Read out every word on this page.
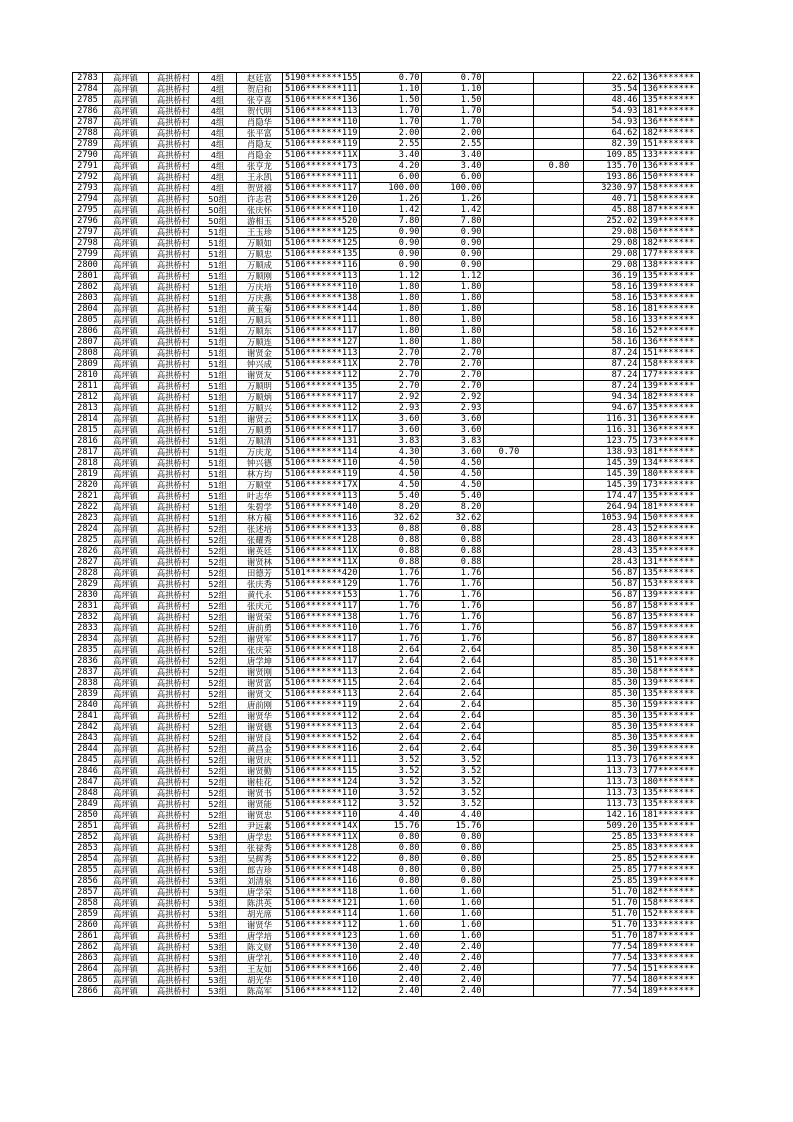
2783	高坪镇	高拱桥村	4组	赵廷富	5190*******155	0.70	0.70			22.62	136*******
2784	高坪镇	高拱桥村	4组	贺启和	5106*******111	1.10	1.10			35.54	136*******
2785	高坪镇	高拱桥村	4组	张亨喜	5106*******136	1.50	1.50			48.46	135*******
2786	高坪镇	高拱桥村	4组	贺代明	5106*******113	1.70	1.70			54.93	181*******
2787	高坪镇	高拱桥村	4组	肖隐华	5106*******110	1.70	1.70			54.93	136*******
2788	高坪镇	高拱桥村	4组	张平富	5106*******119	2.00	2.00			64.62	182*******
2789	高坪镇	高拱桥村	4组	肖隐友	5106*******119	2.55	2.55			82.39	151*******
2790	高坪镇	高拱桥村	4组	肖隐金	5106*******11X	3.40	3.40			109.85	133*******
2791	高坪镇	高拱桥村	4组	张亨龙	5106*******173	4.20	3.40		0.80	135.70	136*******
2792	高坪镇	高拱桥村	4组	王永凯	5106*******111	6.00	6.00			193.86	150*******
2793	高坪镇	高拱桥村	4组	贺贤禧	5106*******117	100.00	100.00			3230.97	158*******
2794	高坪镇	高拱桥村	50组	许志君	5106*******120	1.26	1.26			40.71	158*******
2795	高坪镇	高拱桥村	50组	张庆怀	5106*******110	1.42	1.42			45.88	187*******
2796	高坪镇	高拱桥村	50组	游相玉	5106*******520	7.80	7.80			252.02	139*******
2797	高坪镇	高拱桥村	51组	王玉珍	5106*******125	0.90	0.90			29.08	150*******
2798	高坪镇	高拱桥村	51组	万顺如	5106*******125	0.90	0.90			29.08	182*******
2799	高坪镇	高拱桥村	51组	万顺忠	5106*******135	0.90	0.90			29.08	177*******
2800	高坪镇	高拱桥村	51组	万顺成	5106*******116	0.90	0.90			29.08	138*******
2801	高坪镇	高拱桥村	51组	万顺刚	5106*******113	1.12	1.12			36.19	135*******
2802	高坪镇	高拱桥村	51组	万庆培	5106*******110	1.80	1.80			58.16	139*******
2803	高坪镇	高拱桥村	51组	万庆燕	5106*******138	1.80	1.80			58.16	153*******
2804	高坪镇	高拱桥村	51组	黄玉菊	5106*******144	1.80	1.80			58.16	181*******
2805	高坪镇	高拱桥村	51组	万顺兵	5106*******111	1.80	1.80			58.16	133*******
2806	高坪镇	高拱桥村	51组	万顺东	5106*******117	1.80	1.80			58.16	152*******
2807	高坪镇	高拱桥村	51组	万顺连	5106*******127	1.80	1.80			58.16	136*******
2808	高坪镇	高拱桥村	51组	谢贤金	5106*******113	2.70	2.70			87.24	151*******
2809	高坪镇	高拱桥村	51组	钟兴成	5106*******11X	2.70	2.70			87.24	158*******
2810	高坪镇	高拱桥村	51组	谢贤友	5106*******112	2.70	2.70			87.24	177*******
2811	高坪镇	高拱桥村	51组	万顺明	5106*******135	2.70	2.70			87.24	139*******
2812	高坪镇	高拱桥村	51组	万顺炳	5106*******117	2.92	2.92			94.34	182*******
2813	高坪镇	高拱桥村	51组	万顺兴	5106*******112	2.93	2.93			94.67	135*******
2814	高坪镇	高拱桥村	51组	谢贤云	5106*******11X	3.60	3.60			116.31	136*******
2815	高坪镇	高拱桥村	51组	万顺勇	5106*******117	3.60	3.60			116.31	136*******
2816	高坪镇	高拱桥村	51组	万顺清	5106*******131	3.83	3.83			123.75	173*******
2817	高坪镇	高拱桥村	51组	万庆龙	5106*******114	4.30	3.60	0.70		138.93	181*******
2818	高坪镇	高拱桥村	51组	钟兴德	5106*******110	4.50	4.50			145.39	134*******
2819	高坪镇	高拱桥村	51组	林方均	5106*******119	4.50	4.50			145.39	180*******
2820	高坪镇	高拱桥村	51组	万顺堂	5106*******17X	4.50	4.50			145.39	173*******
2821	高坪镇	高拱桥村	51组	叶志华	5106*******113	5.40	5.40			174.47	135*******
2822	高坪镇	高拱桥村	51组	朱碧学	5106*******140	8.20	8.20			264.94	181*******
2823	高坪镇	高拱桥村	51组	林方模	5106*******116	32.62	32.62			1053.94	150*******
2824	高坪镇	高拱桥村	52组	张述培	5106*******133	0.88	0.88			28.43	152*******
2825	高坪镇	高拱桥村	52组	张耀秀	5106*******128	0.88	0.88			28.43	180*******
2826	高坪镇	高拱桥村	52组	谢英廷	5106*******11X	0.88	0.88			28.43	135*******
2827	高坪镇	高拱桥村	52组	谢贤林	5106*******11X	0.88	0.88			28.43	131*******
2828	高坪镇	高拱桥村	52组	田德芳	5101*******420	1.76	1.76			56.87	135*******
2829	高坪镇	高拱桥村	52组	张庆秀	5106*******129	1.76	1.76			56.87	153*******
2830	高坪镇	高拱桥村	52组	黄代永	5106*******153	1.76	1.76			56.87	139*******
2831	高坪镇	高拱桥村	52组	张庆元	5106*******117	1.76	1.76			56.87	158*******
2832	高坪镇	高拱桥村	52组	谢贤荣	5106*******138	1.76	1.76			56.87	135*******
2833	高坪镇	高拱桥村	52组	唐前勇	5106*******110	1.76	1.76			56.87	159*******
2834	高坪镇	高拱桥村	52组	谢贤军	5106*******117	1.76	1.76			56.87	180*******
2835	高坪镇	高拱桥村	52组	张庆荣	5106*******118	2.64	2.64			85.30	158*******
2836	高坪镇	高拱桥村	52组	唐学坤	5106*******117	2.64	2.64			85.30	151*******
2837	高坪镇	高拱桥村	52组	谢贤刚	5106*******113	2.64	2.64			85.30	158*******
2838	高坪镇	高拱桥村	52组	谢贤富	5106*******115	2.64	2.64			85.30	139*******
2839	高坪镇	高拱桥村	52组	谢贤文	5106*******113	2.64	2.64			85.30	135*******
2840	高坪镇	高拱桥村	52组	唐前刚	5106*******119	2.64	2.64			85.30	159*******
2841	高坪镇	高拱桥村	52组	谢贤华	5106*******112	2.64	2.64			85.30	135*******
2842	高坪镇	高拱桥村	52组	谢贤德	5190*******113	2.64	2.64			85.30	135*******
2843	高坪镇	高拱桥村	52组	谢贤良	5190*******152	2.64	2.64			85.30	135*******
2844	高坪镇	高拱桥村	52组	黄昌金	5190*******116	2.64	2.64			85.30	139*******
2845	高坪镇	高拱桥村	52组	谢贤庆	5106*******111	3.52	3.52			113.73	176*******
2846	高坪镇	高拱桥村	52组	谢贤勤	5106*******115	3.52	3.52			113.73	177*******
2847	高坪镇	高拱桥村	52组	谢桂花	5106*******124	3.52	3.52			113.73	180*******
2848	高坪镇	高拱桥村	52组	谢贤书	5106*******110	3.52	3.52			113.73	135*******
2849	高坪镇	高拱桥村	52组	谢贤能	5106*******112	3.52	3.52			113.73	135*******
2850	高坪镇	高拱桥村	52组	谢贤忠	5106*******110	4.40	4.40			142.16	181*******
2851	高坪镇	高拱桥村	52组	尹远素	5106*******14X	15.76	15.76			509.20	135*******
2852	高坪镇	高拱桥村	53组	唐学忠	5106*******11X	0.80	0.80			25.85	133*******
2853	高坪镇	高拱桥村	53组	张禄秀	5106*******128	0.80	0.80			25.85	183*******
2854	高坪镇	高拱桥村	53组	吴辉秀	5106*******122	0.80	0.80			25.85	152*******
2855	高坪镇	高拱桥村	53组	郎吉珍	5106*******148	0.80	0.80			25.85	177*******
2856	高坪镇	高拱桥村	53组	刘清泉	5106*******116	0.80	0.80			25.85	139*******
2857	高坪镇	高拱桥村	53组	唐学荣	5106*******118	1.60	1.60			51.70	182*******
2858	高坪镇	高拱桥村	53组	陈洪英	5106*******121	1.60	1.60			51.70	158*******
2859	高坪镇	高拱桥村	53组	胡光席	5106*******114	1.60	1.60			51.70	152*******
2860	高坪镇	高拱桥村	53组	谢贤华	5106*******112	1.60	1.60			51.70	133*******
2861	高坪镇	高拱桥村	53组	唐学培	5106*******123	1.60	1.60			51.70	187*******
2862	高坪镇	高拱桥村	53组	陈文财	5106*******130	2.40	2.40			77.54	189*******
2863	高坪镇	高拱桥村	53组	唐学礼	5106*******110	2.40	2.40			77.54	133*******
2864	高坪镇	高拱桥村	53组	王友如	5106*******166	2.40	2.40			77.54	151*******
2865	高坪镇	高拱桥村	53组	胡光华	5106*******110	2.40	2.40			77.54	180*******
2866	高坪镇	高拱桥村	53组	陈高军	5106*******112	2.40	2.40			77.54	189*******
